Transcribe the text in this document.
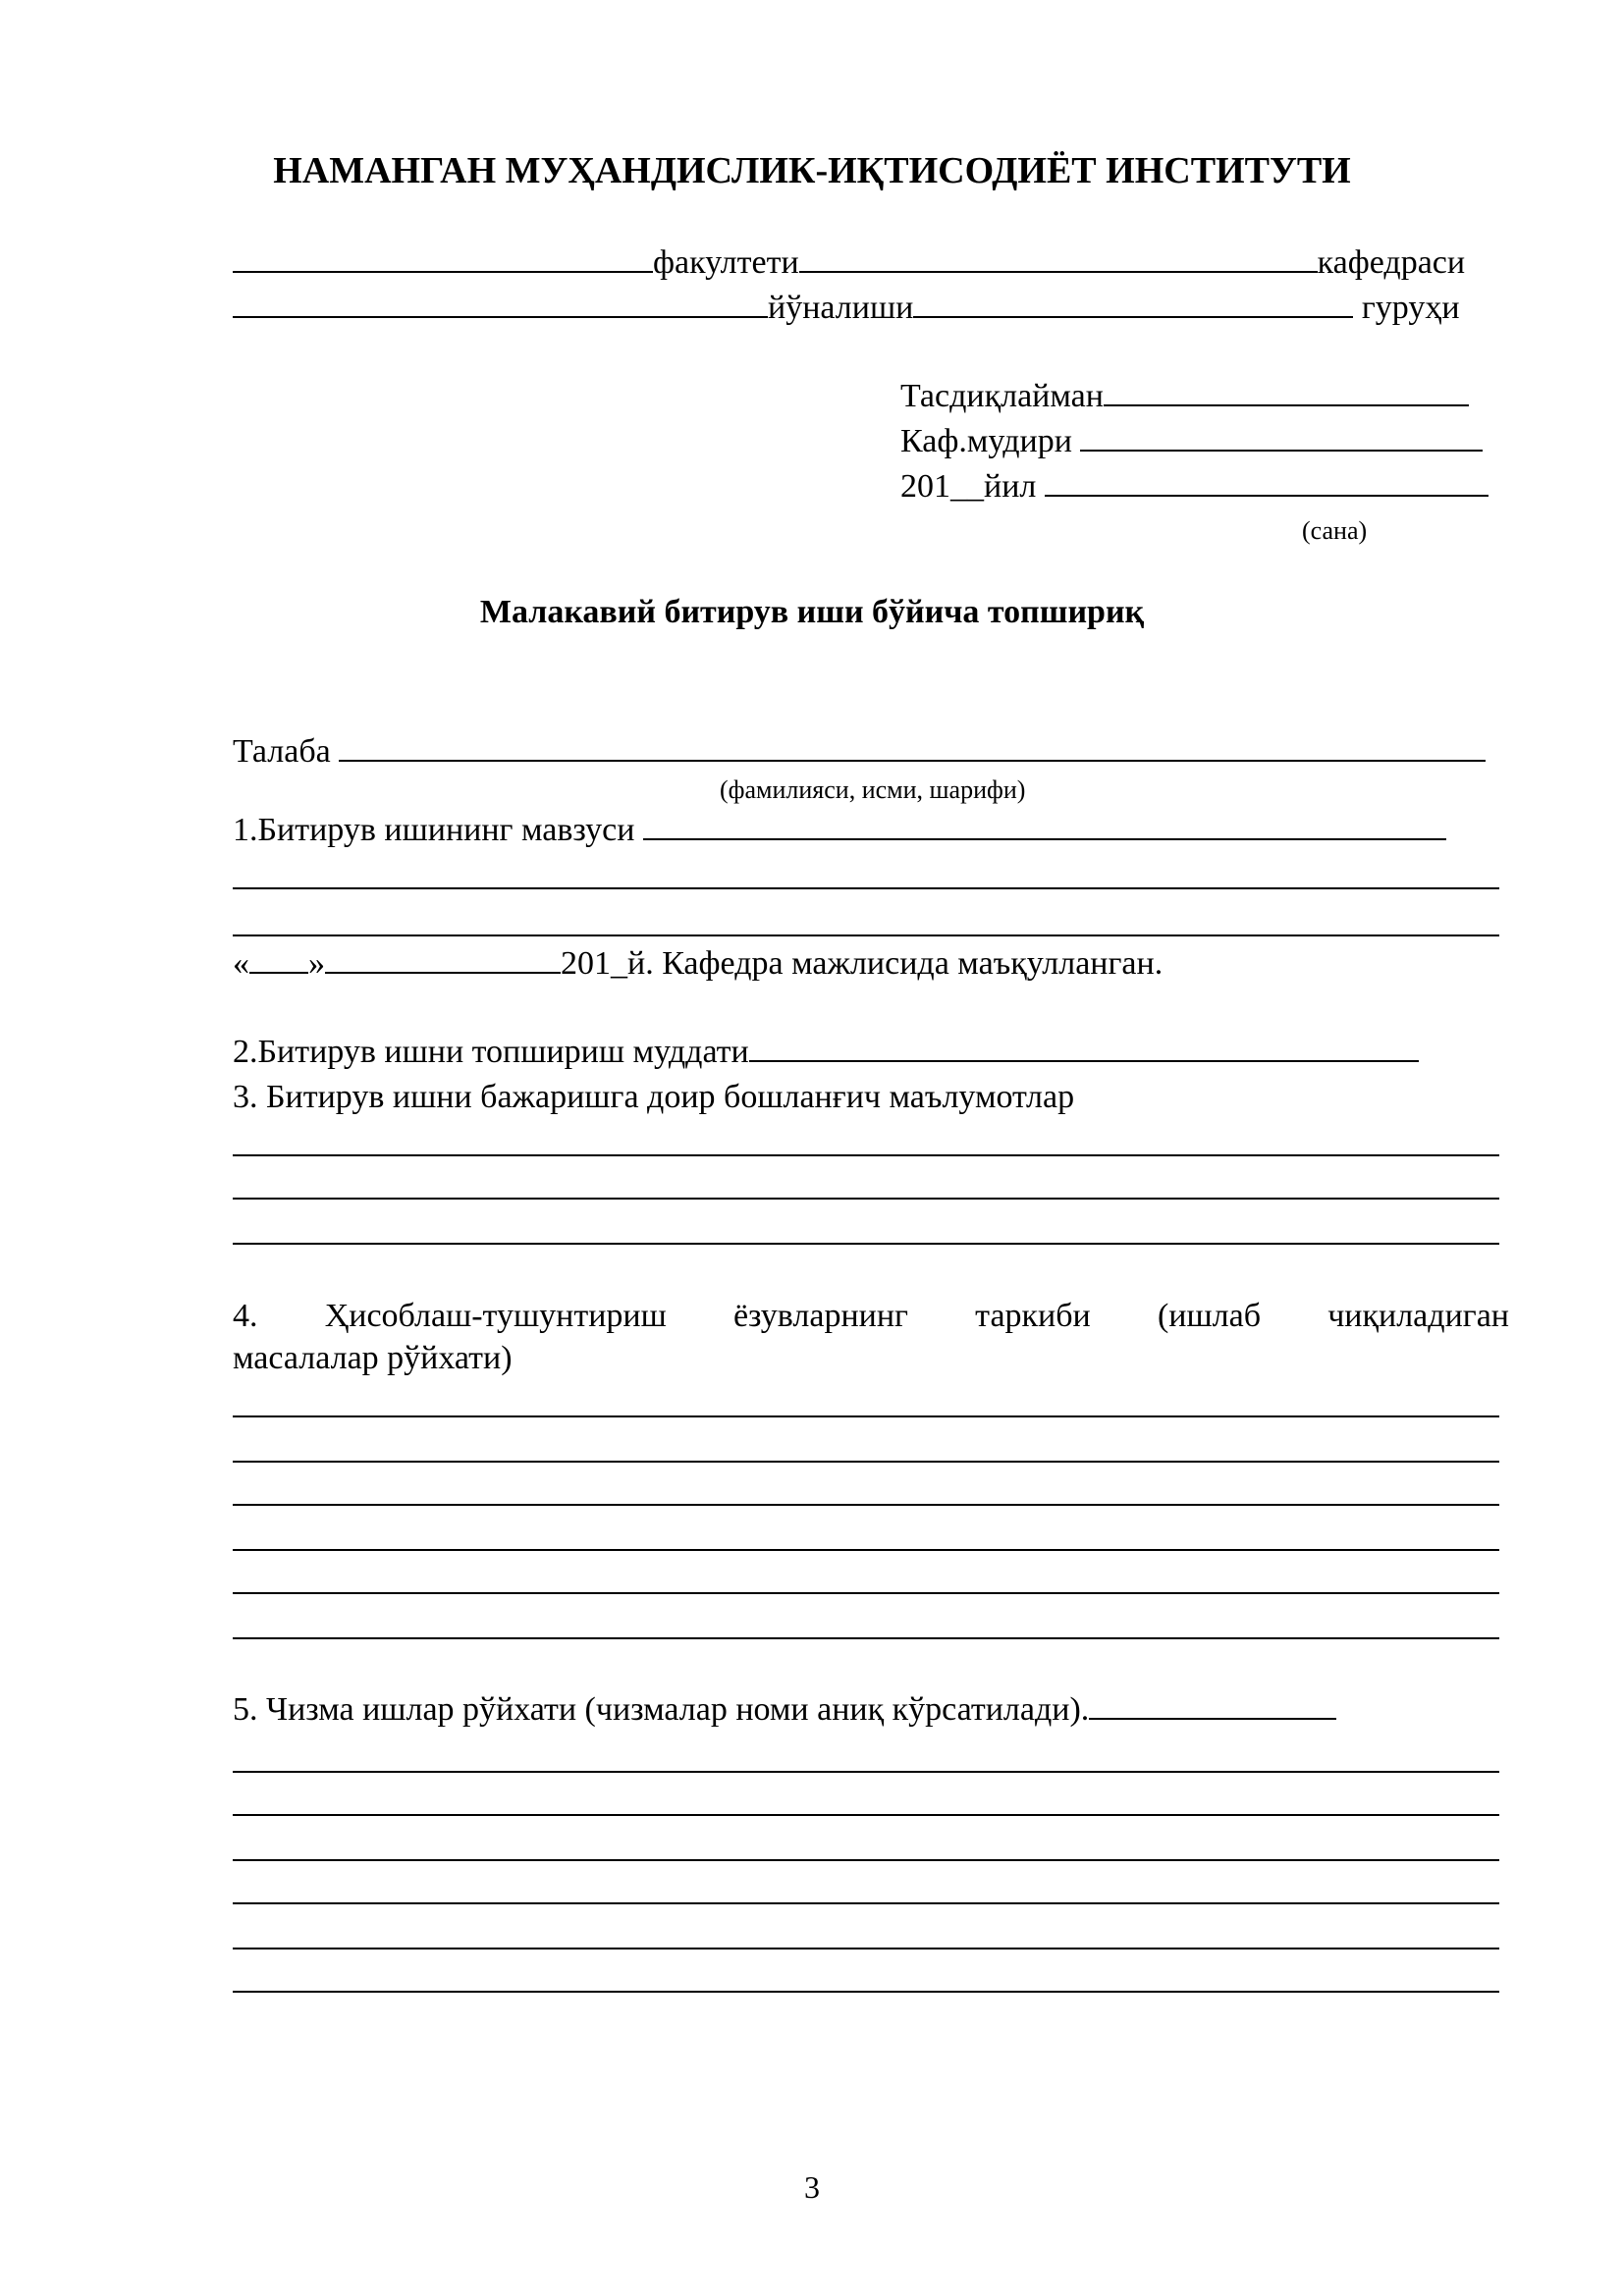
НАМАНГАН МУҲАНДИСЛИК-ИҚТИСОДИЁТ ИНСТИТУТИ
факултети	кафедраси
йўналиши	гуруҳи
Тасдиқлайман
Каф.мудири
201__йил
(сана)
Малакавий битирув иши бўйича топшириқ
Талаба
(фамилияси, исми, шарифи)
1.Битирув ишининг мавзуси
« »	201_й. Кафедра мажлисида маъқулланган.
2.Битирув ишни топшириш муддати
3. Битирув ишни бажаришга доир бошланғич маълумотлар
4. Ҳисоблаш-тушунтириш ёзувларнинг таркиби (ишлаб чиқиладиган
масалалар рўйхати)
5. Чизма ишлар рўйхати (чизмалар номи аниқ кўрсатилади).
3
